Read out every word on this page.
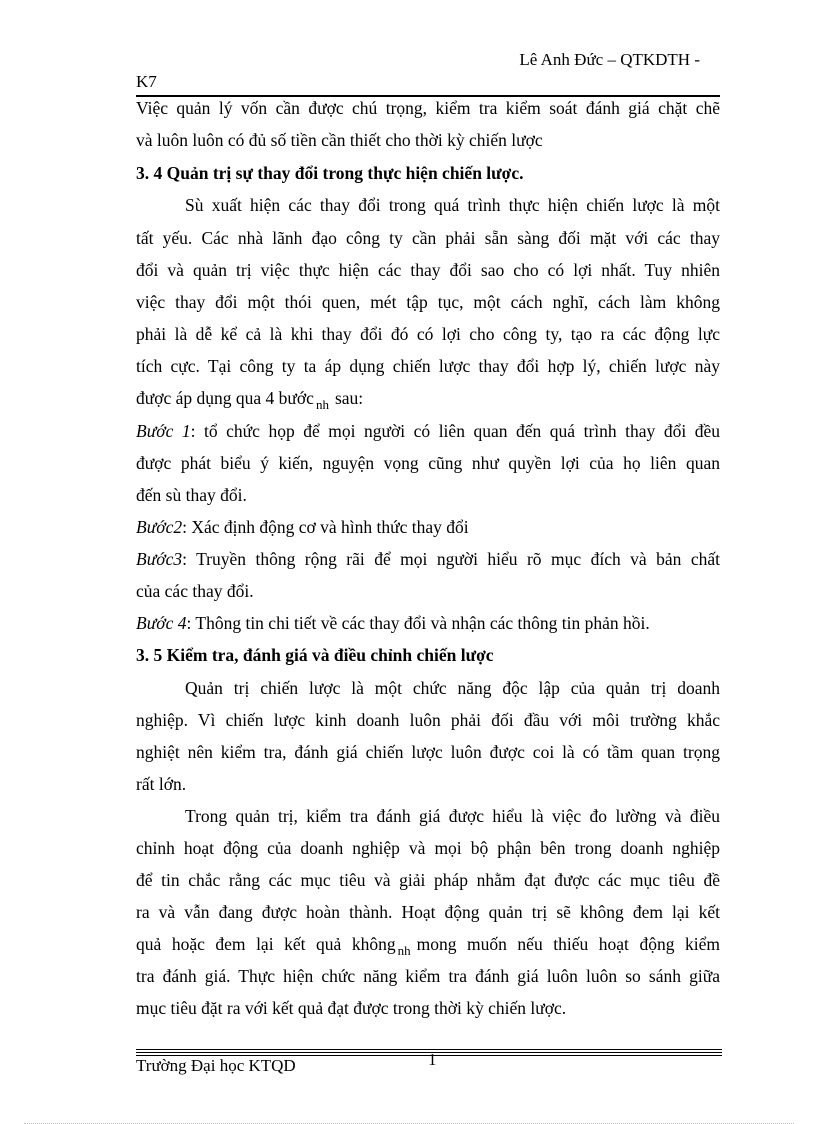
Lê Anh Đức – QTKDTH -
K7
Việc quản lý vốn cần được chú trọng, kiểm tra kiểm soát đánh giá chặt chẽ
và luôn luôn có đủ số tiền cần thiết cho thời kỳ chiến lược
3. 4 Quản trị sự thay đổi trong thực hiện chiến lược.
Sù xuất hiện các thay đổi trong quá trình thực hiện chiến lược là một
tất yếu. Các nhà lãnh đạo công ty cần phải sẵn sàng đối mặt với các thay
đổi và quản trị việc thực hiện các thay đổi sao cho có lợi nhất. Tuy nhiên
việc thay đổi một thói quen, mét tập tục, một cách nghĩ, cách làm không
phải là dễ kể cả là khi thay đổi đó có lợi cho công ty, tạo ra các động lực
tích cực. Tại công ty ta áp dụng chiến lược thay đổi hợp lý, chiến lược này
được áp dụng qua 4 bước $_{nh}$ sau:
Bước 1: tổ chức họp để mọi người có liên quan đến quá trình thay đổi đều
được phát biểu ý kiến, nguyện vọng cũng như quyền lợi của họ liên quan
đến sù thay đổi.
Bước2: Xác định động cơ và hình thức thay đổi
Bước3: Truyền thông rộng rãi để mọi người hiểu rõ mục đích và bản chất
của các thay đổi.
Bước 4: Thông tin chi tiết về các thay đổi và nhận các thông tin phản hồi.
3. 5 Kiểm tra, đánh giá và điều chỉnh chiến lược
Quản trị chiến lược là một chức năng độc lập của quản trị doanh
nghiệp. Vì chiến lược kinh doanh luôn phải đối đầu với môi trường khắc
nghiệt nên kiểm tra, đánh giá chiến lược luôn được coi là có tầm quan trọng
rất lớn.
Trong quản trị, kiểm tra đánh giá được hiểu là việc đo lường và điều
chỉnh hoạt động của doanh nghiệp và mọi bộ phận bên trong doanh nghiệp
để tin chắc rằng các mục tiêu và giải pháp nhằm đạt được các mục tiêu đề
ra và vẫn đang được hoàn thành. Hoạt động quản trị sẽ không đem lại kết
quả hoặc đem lại kết quả không $_{nh}$ mong muốn nếu thiếu hoạt động kiểm
tra đánh giá. Thực hiện chức năng kiểm tra đánh giá luôn luôn so sánh giữa
mục tiêu đặt ra với kết quả đạt được trong thời kỳ chiến lược.
Trường Đại học KTQD	1
